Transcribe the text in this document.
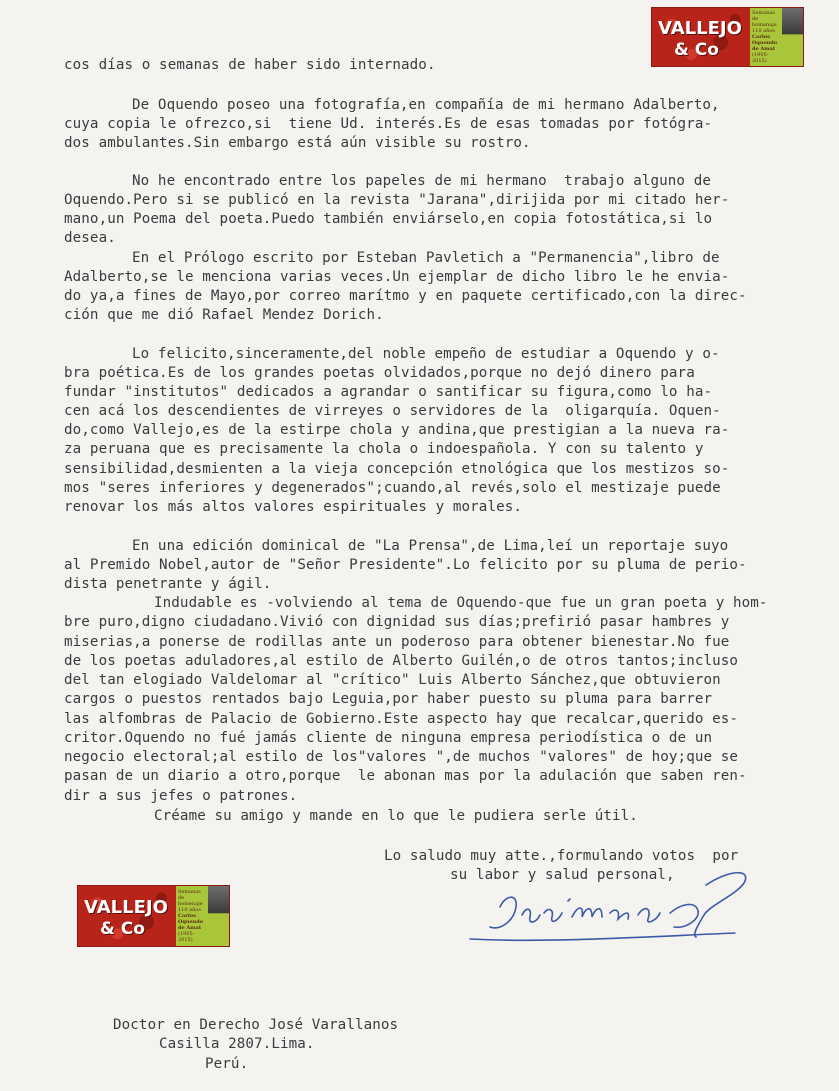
VALLEJO
& Co
Semanas de homenaje
110 años
Carlos
Oquendo
de Amat
(1905-2015)
cos días o semanas de haber sido internado.
De Oquendo poseo una fotografía,en compañía de mi hermano Adalberto,
cuya copia le ofrezco,si  tiene Ud. interés.Es de esas tomadas por fotógra-
dos ambulantes.Sin embargo está aún visible su rostro.
No he encontrado entre los papeles de mi hermano  trabajo alguno de
Oquendo.Pero si se publicó en la revista "Jarana",dirijida por mi citado her-
mano,un Poema del poeta.Puedo también enviárselo,en copia fotostática,si lo
desea.
En el Prólogo escrito por Esteban Pavletich a "Permanencia",libro de
Adalberto,se le menciona varias veces.Un ejemplar de dicho libro le he envia-
do ya,a fines de Mayo,por correo marítmo y en paquete certificado,con la direc-
ción que me dió Rafael Mendez Dorich.
Lo felicito,sinceramente,del noble empeño de estudiar a Oquendo y o-
bra poética.Es de los grandes poetas olvidados,porque no dejó dinero para
fundar "institutos" dedicados a agrandar o santificar su figura,como lo ha-
cen acá los descendientes de virreyes o servidores de la  oligarquía. Oquen-
do,como Vallejo,es de la estirpe chola y andina,que prestigian a la nueva ra-
za peruana que es precisamente la chola o indoespañola. Y con su talento y
sensibilidad,desmienten a la vieja concepción etnológica que los mestizos so-
mos "seres inferiores y degenerados";cuando,al revés,solo el mestizaje puede
renovar los más altos valores espirituales y morales.
En una edición dominical de "La Prensa",de Lima,leí un reportaje suyo
al Premido Nobel,autor de "Señor Presidente".Lo felicito por su pluma de perio-
dista penetrante y ágil.
Indudable es -volviendo al tema de Oquendo-que fue un gran poeta y hom-
bre puro,digno ciudadano.Vivió con dignidad sus días;prefirió pasar hambres y
miserias,a ponerse de rodillas ante un poderoso para obtener bienestar.No fue
de los poetas aduladores,al estilo de Alberto Guilén,o de otros tantos;incluso
del tan elogiado Valdelomar al "crítico" Luis Alberto Sánchez,que obtuvieron
cargos o puestos rentados bajo Leguia,por haber puesto su pluma para barrer
las alfombras de Palacio de Gobierno.Este aspecto hay que recalcar,querido es-
critor.Oquendo no fué jamás cliente de ninguna empresa periodística o de un
negocio electoral;al estilo de los"valores ",de muchos "valores" de hoy;que se
pasan de un diario a otro,porque  le abonan mas por la adulación que saben ren-
dir a sus jefes o patrones.
Créame su amigo y mande en lo que le pudiera serle útil.
Lo saludo muy atte.,formulando votos  por
su labor y salud personal,
VALLEJO
& Co
Semanas de homenaje
110 años
Carlos
Oquendo
de Amat
(1905-2015)
Doctor en Derecho José Varallanos
Casilla 2807.Lima.
Perú.
